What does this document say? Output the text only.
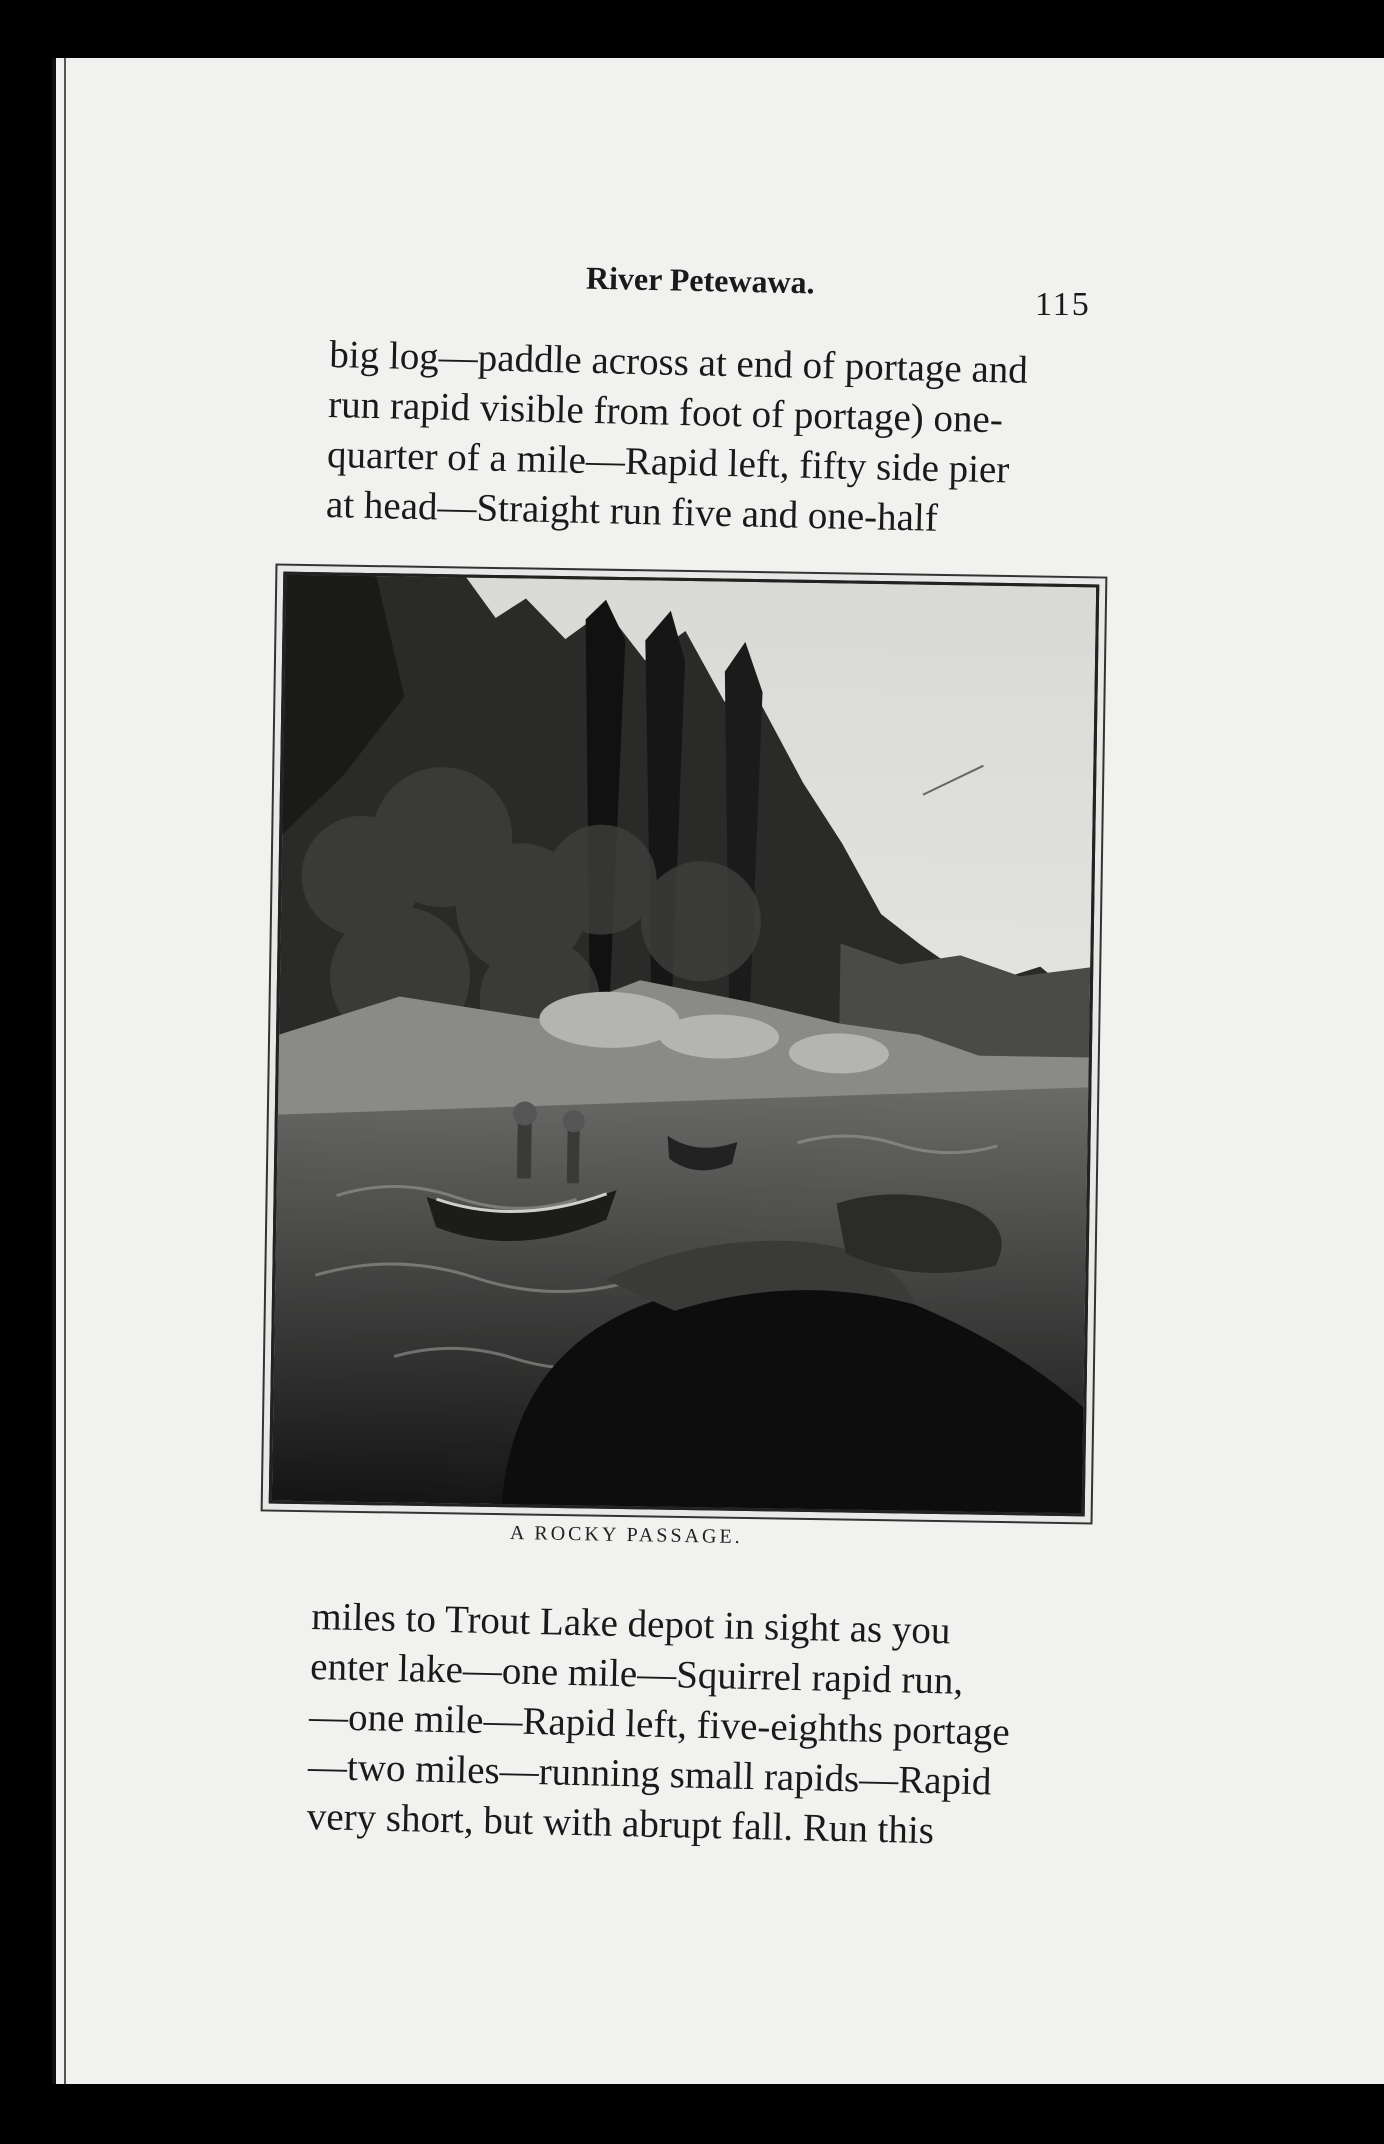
River Petewawa.
115
big log—paddle across at end of portage and
run rapid visible from foot of portage) one-
quarter of a mile—Rapid left, fifty side pier
at head—Straight run five and one-half
A ROCKY PASSAGE.
miles to Trout Lake depot in sight as you
enter lake—one mile—Squirrel rapid run,
—one mile—Rapid left, five-eighths portage
—two miles—running small rapids—Rapid
very short, but with abrupt fall. Run this
